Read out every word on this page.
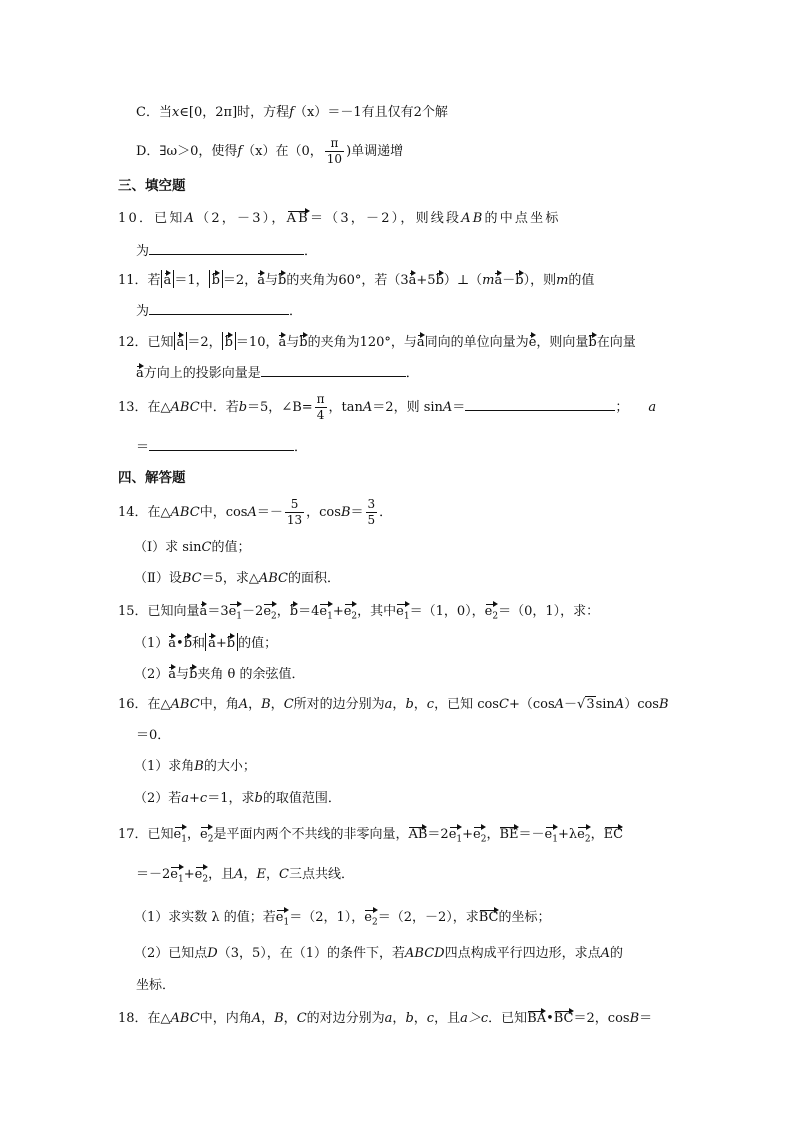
C．当x∈[0，2π]时，方程f（x）＝－1有且仅有2个解
D．∃ω＞0，使得f（x）在（0， $\frac{\pi}{10}$ )单调递增
三、填空题
10．已知A（2，－3），AB＝（3，－2），则线段AB的中点坐标
为	．
11．若 a ＝1， b ＝2，a与b的夹角为60°，若（3a+5b）⊥（ma－b），则m的值
为	．
12．已知 a ＝2， b ＝10，a与b的夹角为120°，与a同向的单位向量为e，则向量b在向量
a方向上的投影向量是	．
13．在△ABC中．若b＝5，∠B= $\frac{\pi}{4}$ ，tanA＝2，则 sinA＝	； a
＝	．
四、解答题
14．在△ABC中，$\cos A=- \frac{5}{13}$ ，$\cos B= \frac{3}{5}$ ．
（Ⅰ）求 sinC的值；
（Ⅱ）设BC＝5，求△ABC的面积．
15．已知向量$a=3e_1-2e_2$，$b=4e_1+e_2$，其中$e_1=(1$，0），$e_2=(0$，1），求：
（1）a•b和 a+b 的值；
（2）a与b夹角 θ 的余弦值．
16．在△ABC中，角A，B，C所对的边分别为a，b，c，已知 cosC+（cosA－√3sinA）cosB
＝0．
（1）求角B的大小；
（2）若a+c＝1，求b的取值范围．
17．已知$e_1$，$e_2$是平面内两个不共线的非零向量，$AB=2e_1+e_2$，$BE=-e_1+\lambda e_2$，EC
$=-2e_1+e_2$，且A，E，C三点共线．
（1）求实数 λ 的值；若$e_1=(2$，1），$e_2=(2$，－2），求BC的坐标；
（2）已知点D（3，5），在（1）的条件下，若ABCD四点构成平行四边形，求点A的
坐标．
18．在△ABC中，内角A，B，C的对边分别为a，b，c，且a＞c．已知BA•BC＝2，cosB＝
